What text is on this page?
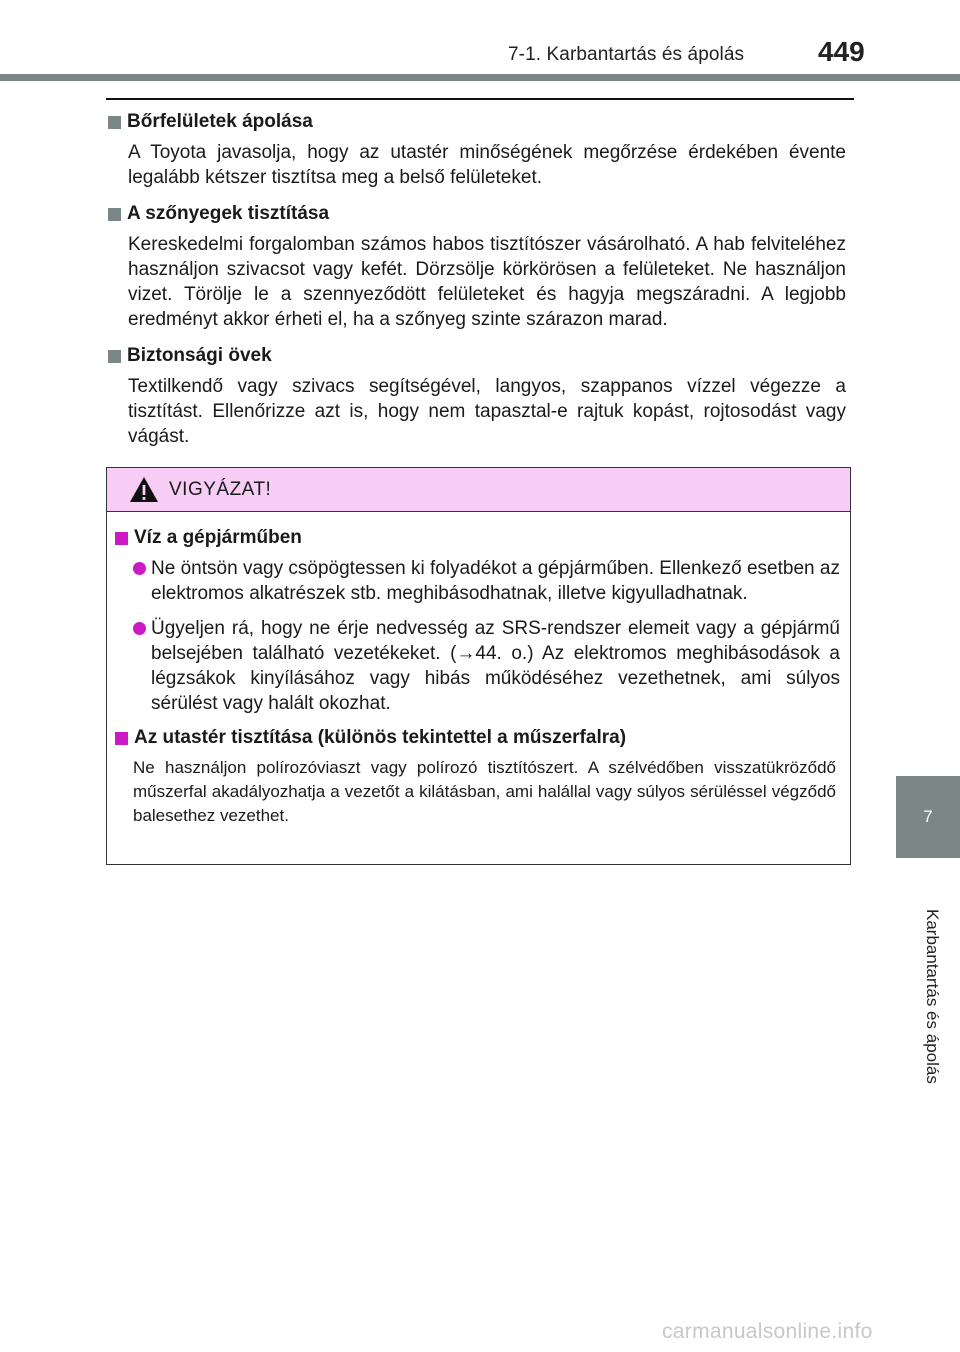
7-1. Karbantartás és ápolás	449
Bőrfelületek ápolása
A Toyota javasolja, hogy az utastér minőségének megőrzése érdekében évente legalább kétszer tisztítsa meg a belső felületeket.
A szőnyegek tisztítása
Kereskedelmi forgalomban számos habos tisztítószer vásárolható. A hab felviteléhez használjon szivacsot vagy kefét. Dörzsölje körkörösen a felületeket. Ne használjon vizet. Törölje le a szennyeződött felületeket és hagyja megszáradni. A legjobb eredményt akkor érheti el, ha a szőnyeg szinte szárazon marad.
Biztonsági övek
Textilkendő vagy szivacs segítségével, langyos, szappanos vízzel végezze a tisztítást. Ellenőrizze azt is, hogy nem tapasztal-e rajtuk kopást, rojtosodást vagy vágást.
VIGYÁZAT!
Víz a gépjárműben
Ne öntsön vagy csöpögtessen ki folyadékot a gépjárműben. Ellenkező esetben az elektromos alkatrészek stb. meghibásodhatnak, illetve kigyulladhatnak.
Ügyeljen rá, hogy ne érje nedvesség az SRS-rendszer elemeit vagy a gépjármű belsejében található vezetékeket. (→44. o.) Az elektromos meghibásodások a légzsákok kinyílásához vagy hibás működéséhez vezethetnek, ami súlyos sérülést vagy halált okozhat.
Az utastér tisztítása (különös tekintettel a műszerfalra)
Ne használjon polírozóviaszt vagy polírozó tisztítószert. A szélvédőben visszatükröződő műszerfal akadályozhatja a vezetőt a kilátásban, ami halállal vagy súlyos sérüléssel végződő balesethez vezethet.	7
Karbantartás és ápolás
carmanualsonline.info
